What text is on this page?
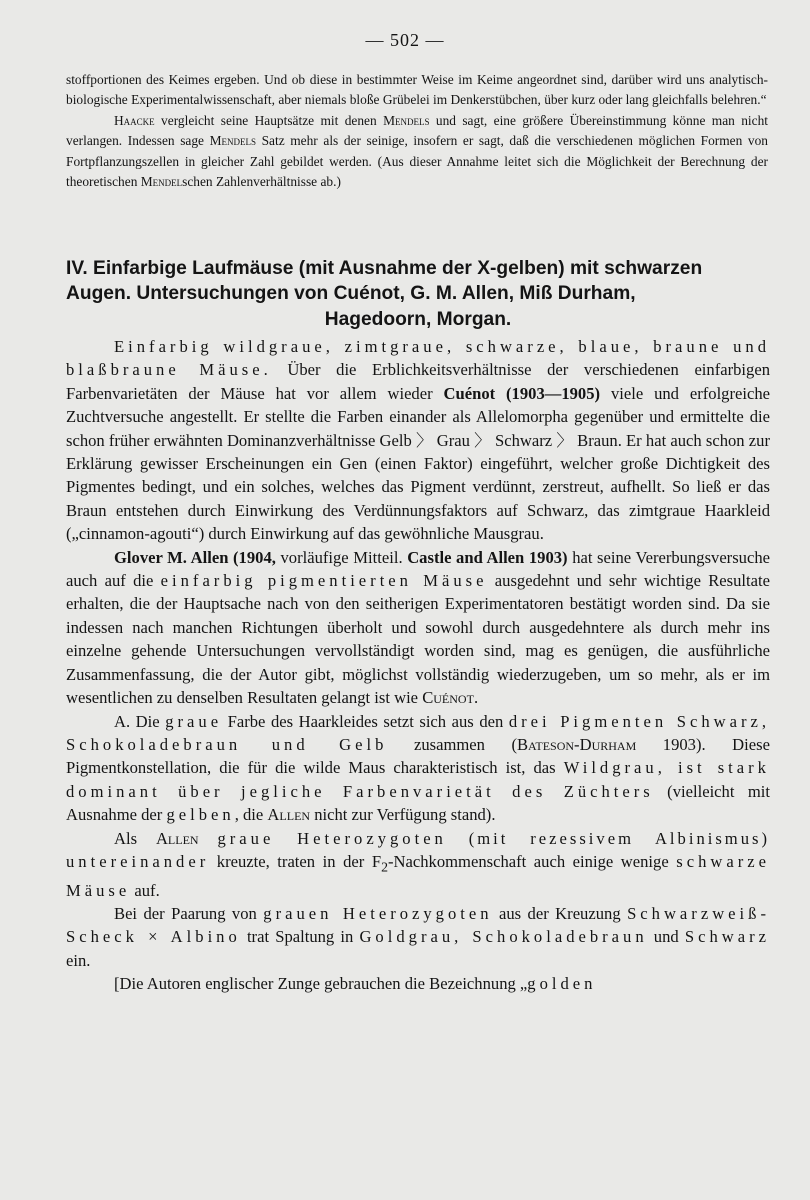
— 502 —

stoffportionen des Keimes ergeben. Und ob diese in bestimmter Weise im Keime angeordnet sind, darüber wird uns analytisch-biologische Experimentalwissenschaft, aber niemals bloße Grübelei im Denkerstübchen, über kurz oder lang gleichfalls belehren.“

Haacke vergleicht seine Hauptsätze mit denen Mendels und sagt, eine größere Übereinstimmung könne man nicht verlangen. Indessen sage Mendels Satz mehr als der seinige, insofern er sagt, daß die verschiedenen möglichen Formen von Fortpflanzungszellen in gleicher Zahl gebildet werden. (Aus dieser Annahme leitet sich die Möglichkeit der Berechnung der theoretischen Mendelschen Zahlenverhältnisse ab.)

IV. Einfarbige Laufmäuse (mit Ausnahme der X-gelben) mit schwarzen Augen. Untersuchungen von Cuénot, G. M. Allen, Miß Durham,
Hagedoorn, Morgan.

Einfarbig wildgraue, zimtgraue, schwarze, blaue, braune und blaßbraune Mäuse. Über die Erblichkeitsverhältnisse der verschiedenen einfarbigen Farbenvarietäten der Mäuse hat vor allem wieder Cuénot (1903—1905) viele und erfolgreiche Zuchtversuche angestellt. Er stellte die Farben einander als Allelomorpha gegenüber und ermittelte die schon früher erwähnten Dominanzverhältnisse Gelb 〉 Grau 〉 Schwarz 〉 Braun. Er hat auch schon zur Erklärung gewisser Erscheinungen ein Gen (einen Faktor) eingeführt, welcher große Dichtigkeit des Pigmentes bedingt, und ein solches, welches das Pigment verdünnt, zerstreut, aufhellt. So ließ er das Braun entstehen durch Einwirkung des Verdünnungsfaktors auf Schwarz, das zimtgraue Haarkleid („cinnamon-agouti“) durch Einwirkung auf das gewöhnliche Mausgrau.

Glover M. Allen (1904, vorläufige Mitteil. Castle and Allen 1903) hat seine Vererbungsversuche auch auf die einfarbig pigmentierten Mäuse ausgedehnt und sehr wichtige Resultate erhalten, die der Hauptsache nach von den seitherigen Experimentatoren bestätigt worden sind. Da sie indessen nach manchen Richtungen überholt und sowohl durch ausgedehntere als durch mehr ins einzelne gehende Untersuchungen vervollständigt worden sind, mag es genügen, die ausführliche Zusammenfassung, die der Autor gibt, möglichst vollständig wiederzugeben, um so mehr, als er im wesentlichen zu denselben Resultaten gelangt ist wie Cuénot.

A. Die graue Farbe des Haarkleides setzt sich aus den drei Pigmenten Schwarz, Schokoladebraun und Gelb zusammen (Bateson-Durham 1903). Diese Pigmentkonstellation, die für die wilde Maus charakteristisch ist, das Wildgrau, ist stark dominant über jegliche Farbenvarietät des Züchters (vielleicht mit Ausnahme der gelben, die Allen nicht zur Verfügung stand).

Als Allen graue Heterozygoten (mit rezessivem Albinismus) untereinander kreuzte, traten in der $F_2$-Nachkommenschaft auch einige wenige schwarze Mäuse auf.

Bei der Paarung von grauen Heterozygoten aus der Kreuzung Schwarzweiß-Scheck × Albino trat Spaltung in Goldgrau, Schokoladebraun und Schwarz ein.

[Die Autoren englischer Zunge gebrauchen die Bezeichnung „golden
